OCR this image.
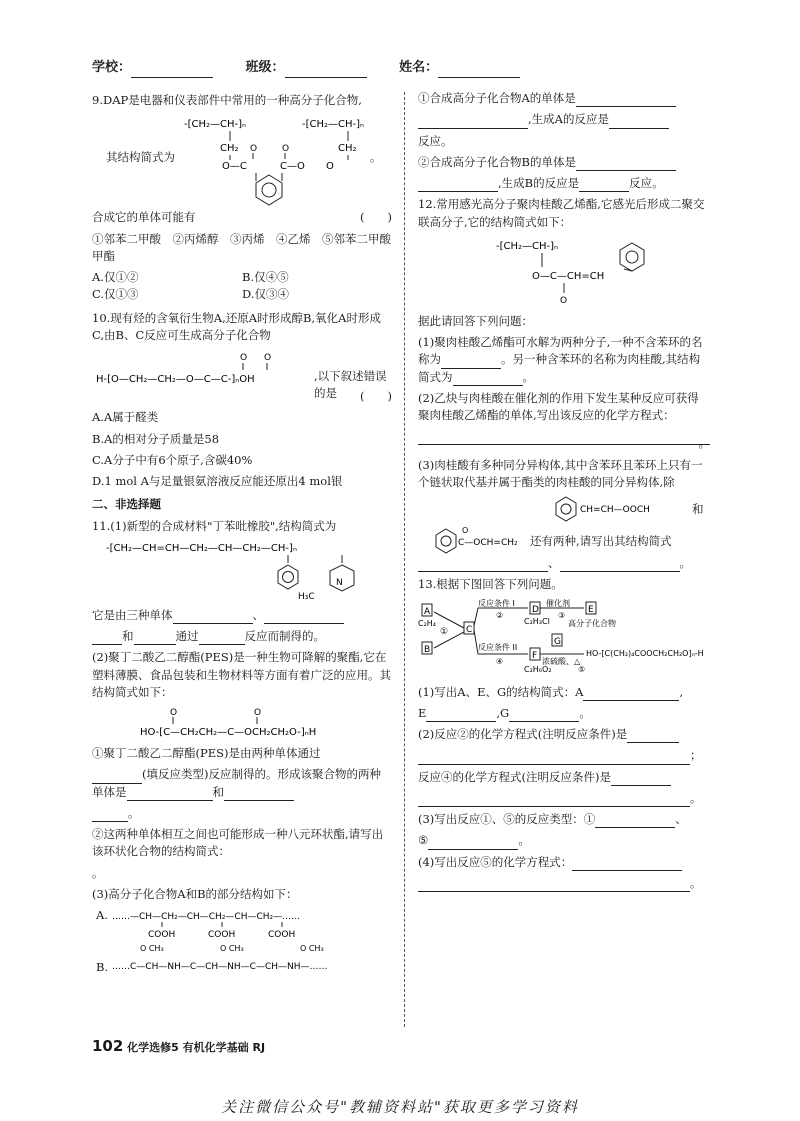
学校：	班级：	姓名：

9.DAP是电器和仪表部件中常用的一种高分子化合物,

其结构简式为
-[CH₂—CH-]ₙ	-[CH₂—CH-]ₙ
CH₂	CH₂
O	O
O—C	C—O O
。

合成它的单体可能有	(　　)

①邻苯二甲酸　②丙烯醇　③丙烯　④乙烯　⑤邻苯二甲酸甲酯

A.仅①②	B.仅④⑤
C.仅①③	D.仅③④

10.现有烃的含氧衍生物A,还原A时形成醇B,氧化A时形成C,由B、C反应可生成高分子化合物

O O
H-[O—CH₂—CH₂—O—C—C-]ₙOH	,以下叙述错误的是	(　　)

A.A属于醛类

B.A的相对分子质量是58

C.A分子中有6个原子,含碳40%

D.1 mol A与足量银氨溶液反应能还原出4 mol银

二、非选择题

11.(1)新型的合成材料"丁苯吡橡胶",结构简式为

-[CH₂—CH=CH—CH₂—CH—CH₂—CH-]ₙ
N
H₃C

它是由三种单体	、

和	通过	反应而制得的。

(2)聚丁二酸乙二醇酯(PES)是一种生物可降解的聚酯,它在塑料薄膜、食品包装和生物材料等方面有着广泛的应用。其结构简式如下：

O	O
HO-[C—CH₂CH₂—C—OCH₂CH₂O-]ₙH

①聚丁二酸乙二醇酯(PES)是由两种单体通过

(填反应类型)反应制得的。形成该聚合物的两种单体是	和

。

②这两种单体相互之间也可能形成一种八元环状酯,请写出该环状化合物的结构简式：

。

(3)高分子化合物A和B的部分结构如下：

A. ……—CH—CH₂—CH—CH₂—CH—CH₂—……
COOH	COOH	COOH
O CH₃	O CH₃	O CH₃
……C—CH—NH—C—CH—NH—C—CH—NH—……
B.

①合成高分子化合物A的单体是

,生成A的反应是

反应。

②合成高分子化合物B的单体是

,生成B的反应是	反应。

12.常用感光高分子聚肉桂酸乙烯酯,它感光后形成二聚交联高分子,它的结构简式如下：

-[CH₂—CH-]ₙ
O—C—CH=CH
O

据此请回答下列问题：

(1)聚肉桂酸乙烯酯可水解为两种分子,一种不含苯环的名称为	。另一种含苯环的名称为肉桂酸,其结构简式为	。

(2)乙炔与肉桂酸在催化剂的作用下发生某种反应可获得聚肉桂酸乙烯酯的单体,写出该反应的化学方程式：

。

(3)肉桂酸有多种同分异构体,其中含苯环且苯环上只有一个链状取代基并属于酯类的肉桂酸的同分异构体,除

CH=CH—OOCH
C—OCH=CH₂
O
和
还有两种,请写出其结构简式

、	。

13.根据下图回答下列问题。

A
C₂H₄
B
① C
反应条件 I
②
D
C₂H₃Cl
催化剂
③
E
高分子化合物
反应条件 II
④
F
C₂H₆O₂
G
浓硫酸、△
⑤
HO-[C(CH₂)₄COOCH₂CH₂O]ₙ-H

(1)写出A、E、G的结构简式：A	,

E	,G	。

(2)反应②的化学方程式(注明反应条件)是

；

反应④的化学方程式(注明反应条件)是

。

(3)写出反应①、⑤的反应类型：①	、

⑤	。

(4)写出反应⑤的化学方程式：

。

102 化学选修5 有机化学基础 RJ
关注微信公众号"教辅资料站"获取更多学习资料
